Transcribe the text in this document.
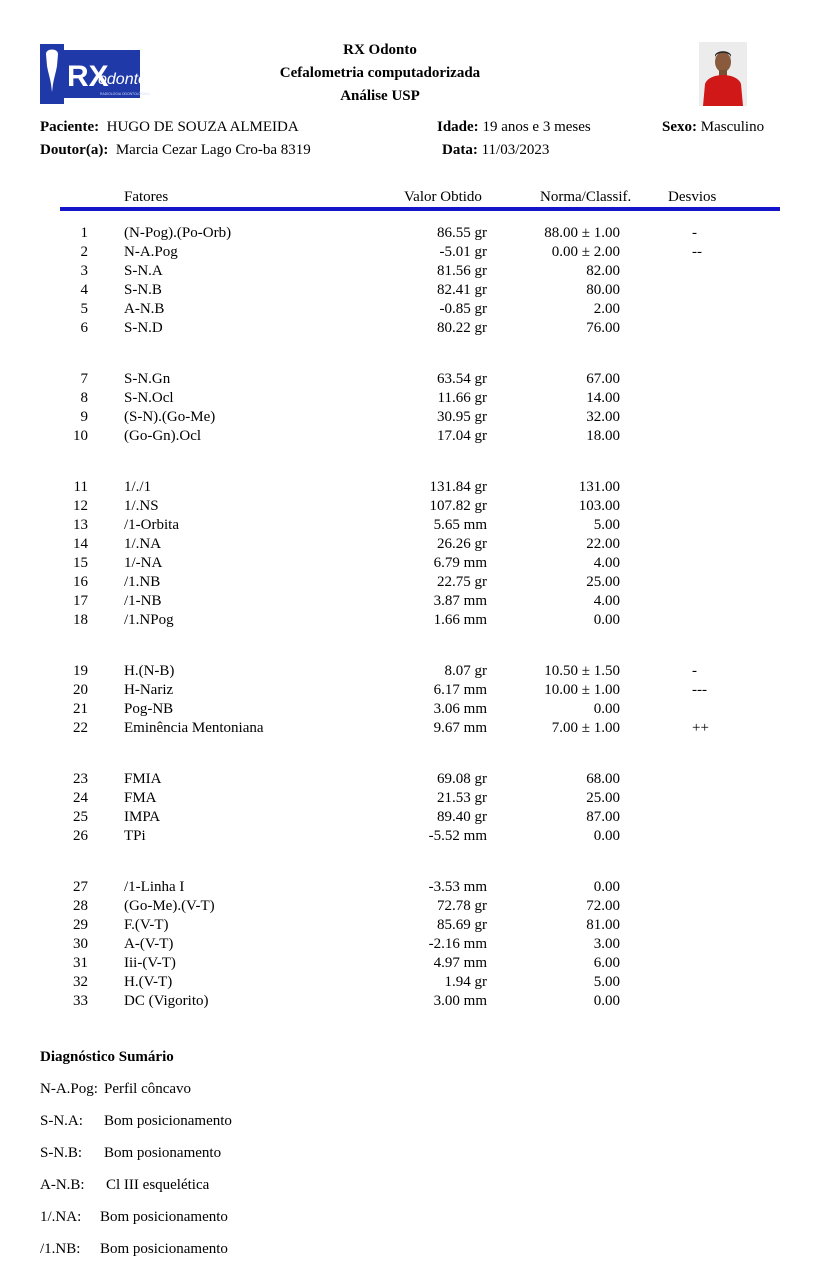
RX
odonto
RADIOLOGIA ODONTOLÓGICA
RX Odonto
Cefalometria computadorizada
Análise USP
Paciente: HUGO DE SOUZA ALMEIDA	Idade: 19 anos e 3 meses	Sexo: Masculino
Doutor(a): Marcia Cezar Lago Cro-ba 8319	Data: 11/03/2023
Fatores	Valor Obtido	Norma/Classif. Desvios
1 (N-Pog).(Po-Orb)	86.55 gr	88.00 ± 1.00	-
2 N-A.Pog	-5.01 gr	0.00 ± 2.00	--
3 S-N.A	81.56 gr	82.00
4 S-N.B	82.41 gr	80.00
5 A-N.B	-0.85 gr	2.00
6 S-N.D	80.22 gr	76.00
7 S-N.Gn	63.54 gr	67.00
8 S-N.Ocl	11.66 gr	14.00
9 (S-N).(Go-Me)	30.95 gr	32.00
10 (Go-Gn).Ocl	17.04 gr	18.00
11 1/./1	131.84 gr	131.00
12 1/.NS	107.82 gr	103.00
13 /1-Orbita	5.65 mm	5.00
14 1/.NA	26.26 gr	22.00
15 1/-NA	6.79 mm	4.00
16 /1.NB	22.75 gr	25.00
17 /1-NB	3.87 mm	4.00
18 /1.NPog	1.66 mm	0.00
19 H.(N-B)	8.07 gr	10.50 ± 1.50	-
20 H-Nariz	6.17 mm	10.00 ± 1.00	---
21 Pog-NB	3.06 mm	0.00
22 Eminência Mentoniana	9.67 mm	7.00 ± 1.00	++
23 FMIA	69.08 gr	68.00
24 FMA	21.53 gr	25.00
25 IMPA	89.40 gr	87.00
26 TPi	-5.52 mm	0.00
27 /1-Linha I	-3.53 mm	0.00
28 (Go-Me).(V-T)	72.78 gr	72.00
29 F.(V-T)	85.69 gr	81.00
30 A-(V-T)	-2.16 mm	3.00
31 Iii-(V-T)	4.97 mm	6.00
32 H.(V-T)	1.94 gr	5.00
33 DC (Vigorito)	3.00 mm	0.00
Diagnóstico Sumário
N-A.Pog: Perfil côncavo
S-N.A: Bom posicionamento
S-N.B: Bom posionamento
A-N.B: Cl III esquelética
1/.NA: Bom posicionamento
/1.NB: Bom posicionamento
